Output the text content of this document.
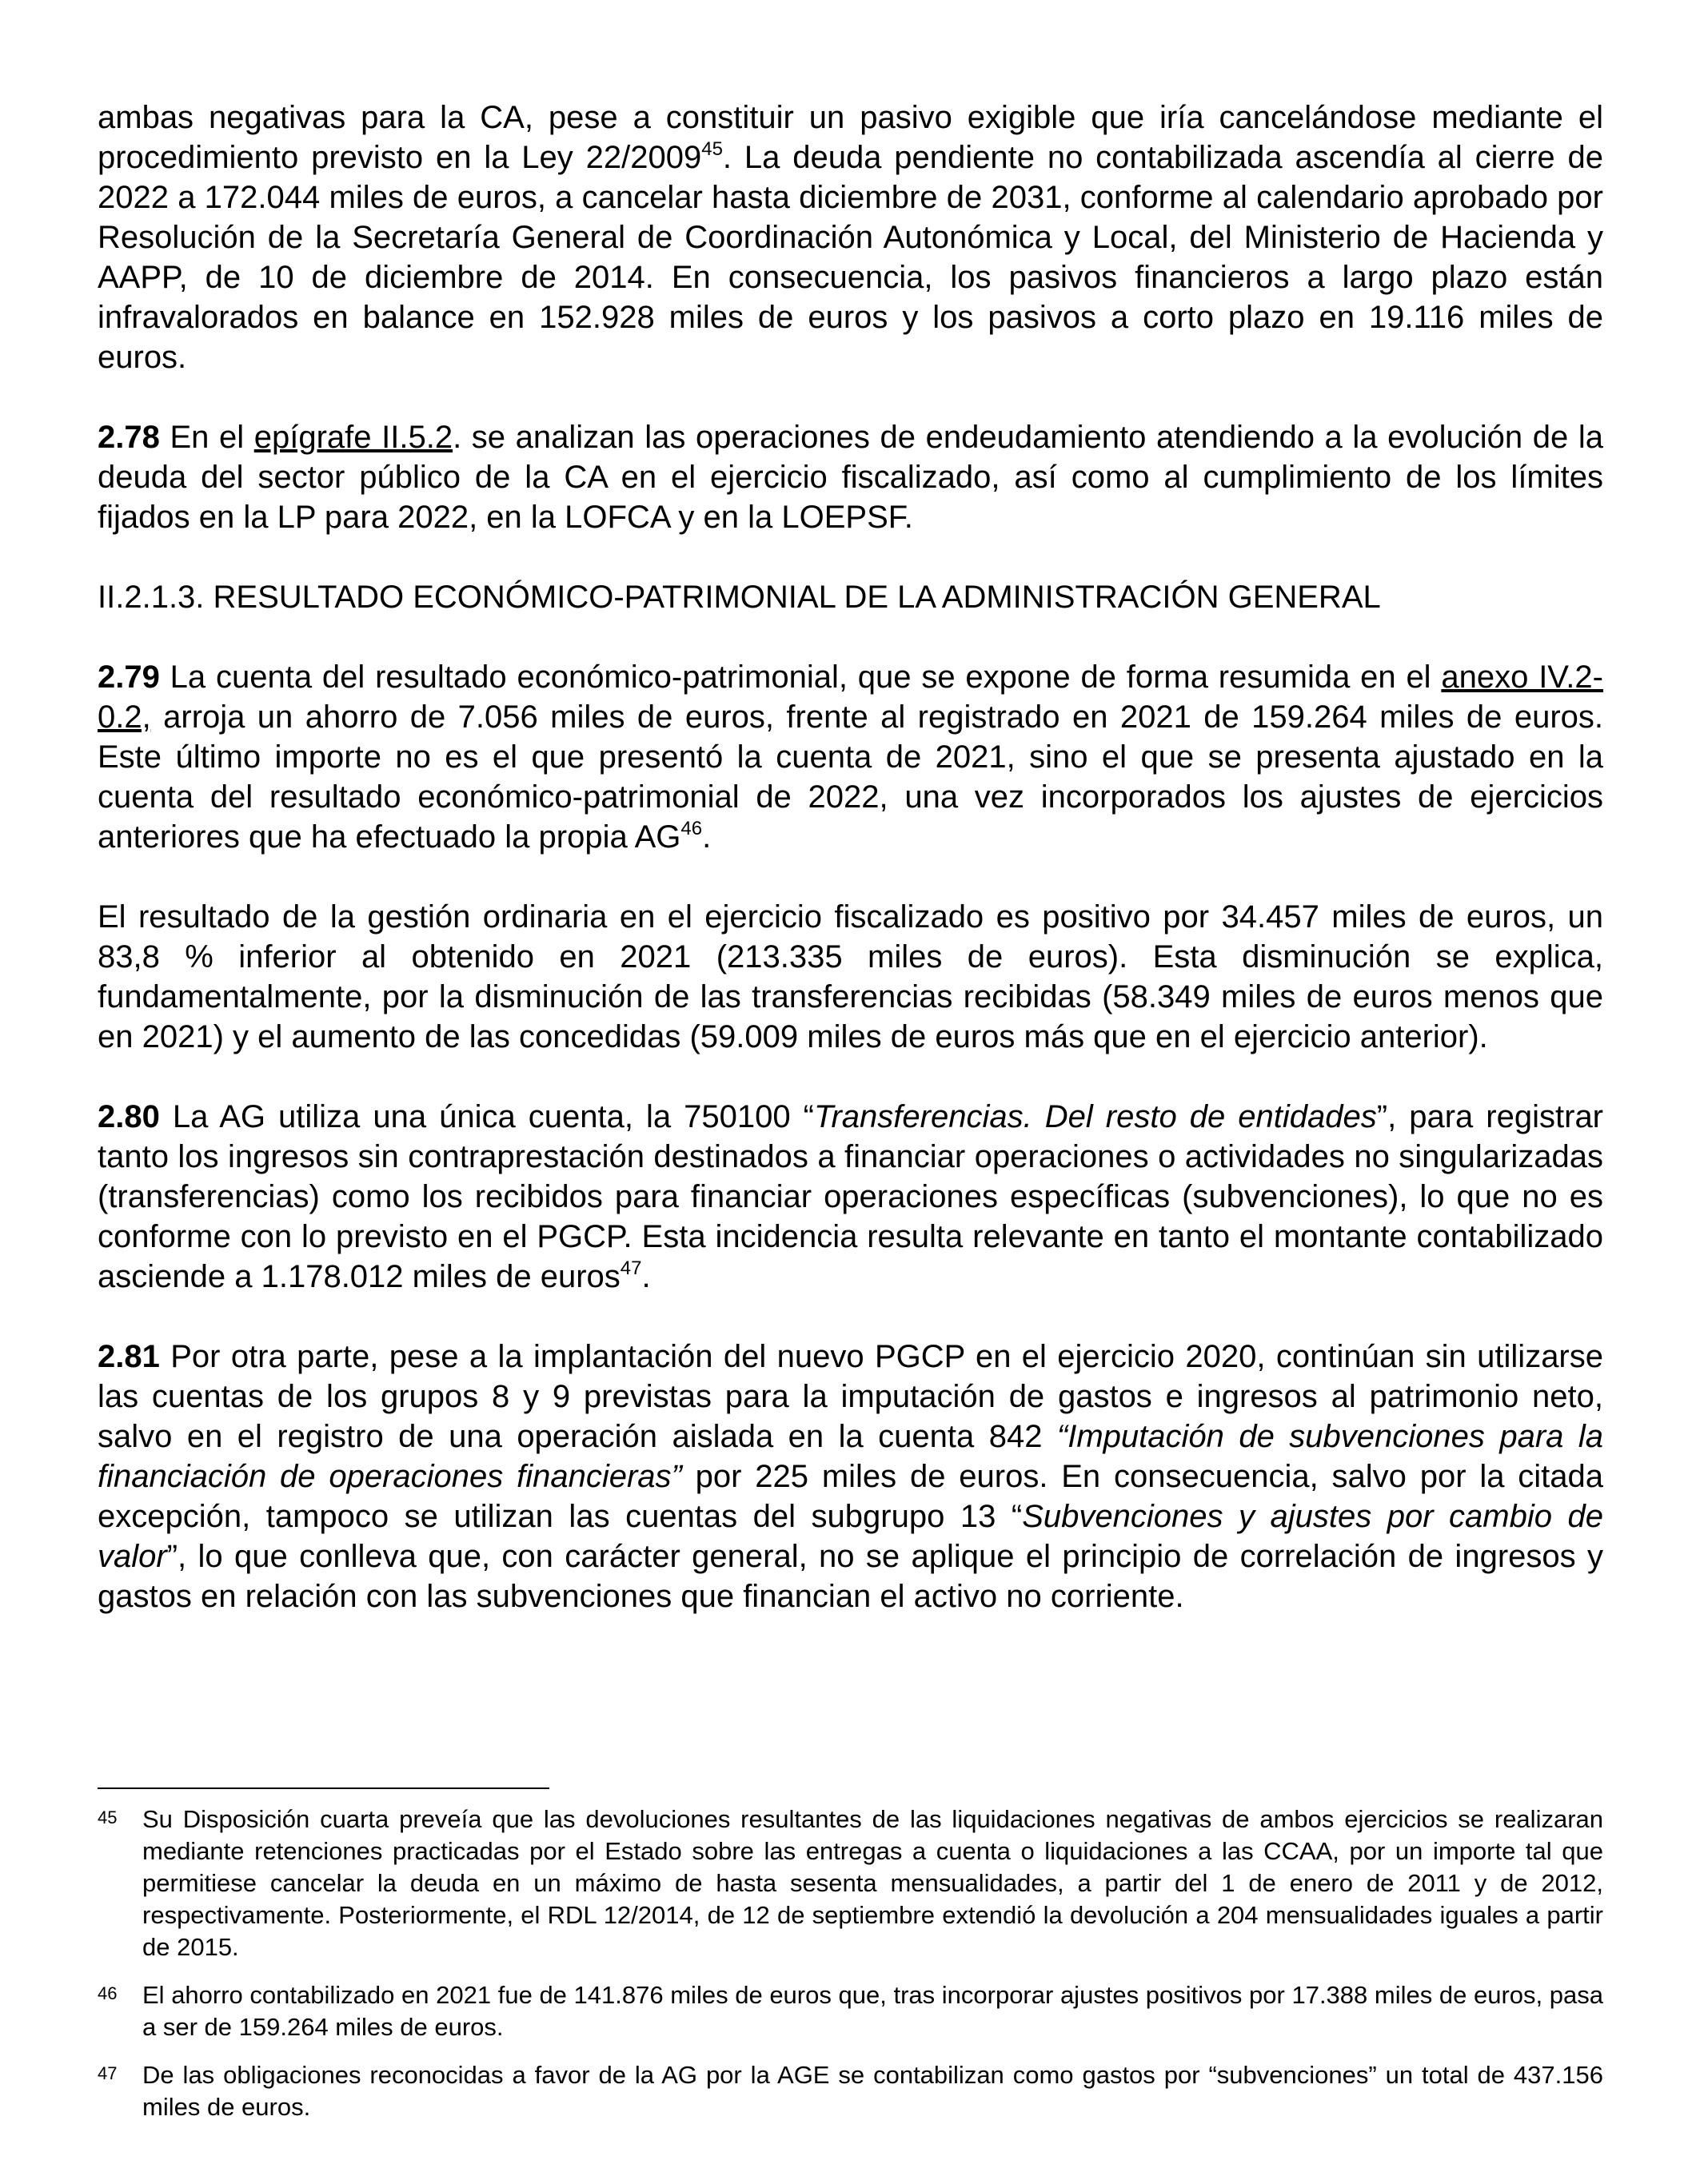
ambas negativas para la CA, pese a constituir un pasivo exigible que iría cancelándose mediante el procedimiento previsto en la Ley 22/2009$^{45}$. La deuda pendiente no contabilizada ascendía al cierre de 2022 a 172.044 miles de euros, a cancelar hasta diciembre de 2031, conforme al calendario aprobado por Resolución de la Secretaría General de Coordinación Autonómica y Local, del Ministerio de Hacienda y AAPP, de 10 de diciembre de 2014. En consecuencia, los pasivos financieros a largo plazo están infravalorados en balance en 152.928 miles de euros y los pasivos a corto plazo en 19.116 miles de euros.

2.78 En el epígrafe II.5.2. se analizan las operaciones de endeudamiento atendiendo a la evolución de la deuda del sector público de la CA en el ejercicio fiscalizado, así como al cumplimiento de los límites fijados en la LP para 2022, en la LOFCA y en la LOEPSF.

II.2.1.3. RESULTADO ECONÓMICO-PATRIMONIAL DE LA ADMINISTRACIÓN GENERAL

2.79 La cuenta del resultado económico-patrimonial, que se expone de forma resumida en el anexo IV.2-0.2, arroja un ahorro de 7.056 miles de euros, frente al registrado en 2021 de 159.264 miles de euros. Este último importe no es el que presentó la cuenta de 2021, sino el que se presenta ajustado en la cuenta del resultado económico-patrimonial de 2022, una vez incorporados los ajustes de ejercicios anteriores que ha efectuado la propia AG$^{46}$.

El resultado de la gestión ordinaria en el ejercicio fiscalizado es positivo por 34.457 miles de euros, un 83,8 % inferior al obtenido en 2021 (213.335 miles de euros). Esta disminución se explica, fundamentalmente, por la disminución de las transferencias recibidas (58.349 miles de euros menos que en 2021) y el aumento de las concedidas (59.009 miles de euros más que en el ejercicio anterior).

2.80 La AG utiliza una única cuenta, la 750100 “Transferencias. Del resto de entidades”, para registrar tanto los ingresos sin contraprestación destinados a financiar operaciones o actividades no singularizadas (transferencias) como los recibidos para financiar operaciones específicas (subvenciones), lo que no es conforme con lo previsto en el PGCP. Esta incidencia resulta relevante en tanto el montante contabilizado asciende a 1.178.012 miles de euros$^{47}$.

2.81 Por otra parte, pese a la implantación del nuevo PGCP en el ejercicio 2020, continúan sin utilizarse las cuentas de los grupos 8 y 9 previstas para la imputación de gastos e ingresos al patrimonio neto, salvo en el registro de una operación aislada en la cuenta 842 “Imputación de subvenciones para la financiación de operaciones financieras” por 225 miles de euros. En consecuencia, salvo por la citada excepción, tampoco se utilizan las cuentas del subgrupo 13 “Subvenciones y ajustes por cambio de valor”, lo que conlleva que, con carácter general, no se aplique el principio de correlación de ingresos y gastos en relación con las subvenciones que financian el activo no corriente.

45	Su Disposición cuarta preveía que las devoluciones resultantes de las liquidaciones negativas de ambos ejercicios se realizaran mediante retenciones practicadas por el Estado sobre las entregas a cuenta o liquidaciones a las CCAA, por un importe tal que permitiese cancelar la deuda en un máximo de hasta sesenta mensualidades, a partir del 1 de enero de 2011 y de 2012, respectivamente. Posteriormente, el RDL 12/2014, de 12 de septiembre extendió la devolución a 204 mensualidades iguales a partir de 2015.
46	El ahorro contabilizado en 2021 fue de 141.876 miles de euros que, tras incorporar ajustes positivos por 17.388 miles de euros, pasa a ser de 159.264 miles de euros.
47	De las obligaciones reconocidas a favor de la AG por la AGE se contabilizan como gastos por “subvenciones” un total de 437.156 miles de euros.
